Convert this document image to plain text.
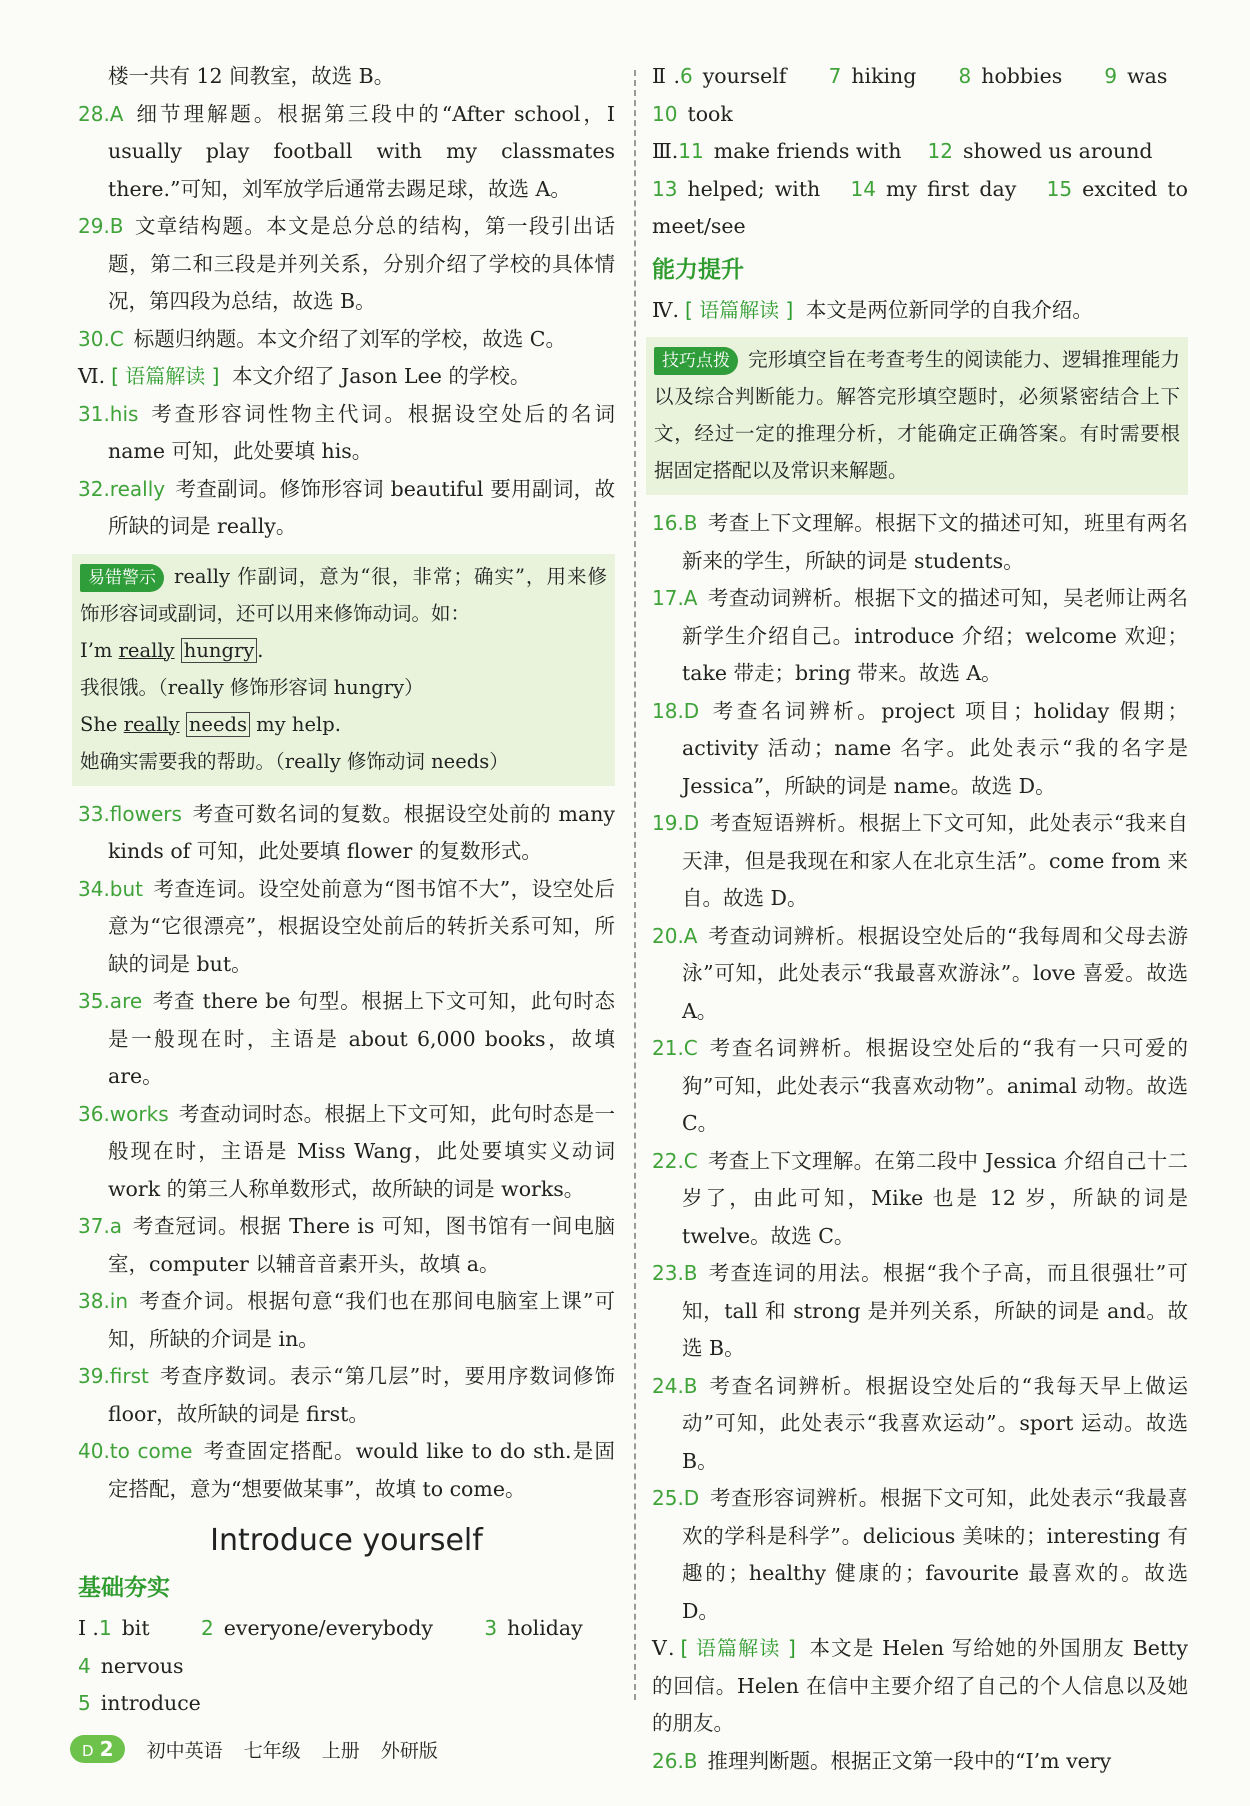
楼一共有 12 间教室，故选 B。

28.A 细节理解题。根据第三段中的“After school，I usually play football with my classmates there.”可知，刘军放学后通常去踢足球，故选 A。

29.B 文章结构题。本文是总分总的结构，第一段引出话题，第二和三段是并列关系，分别介绍了学校的具体情况，第四段为总结，故选 B。

30.C 标题归纳题。本文介绍了刘军的学校，故选 C。

Ⅵ. [ 语篇解读 ] 本文介绍了 Jason Lee 的学校。

31.his 考查形容词性物主代词。根据设空处后的名词 name 可知，此处要填 his。

32.really 考查副词。修饰形容词 beautiful 要用副词，故所缺的词是 really。

易错警示 really 作副词，意为“很，非常；确实”，用来修饰形容词或副词，还可以用来修饰动词。如：

I’m really hungry .

我很饿。（really 修饰形容词 hungry）

She really needs my help.

她确实需要我的帮助。（really 修饰动词 needs）

33.flowers 考查可数名词的复数。根据设空处前的 many kinds of 可知，此处要填 flower 的复数形式。

34.but 考查连词。设空处前意为“图书馆不大”，设空处后意为“它很漂亮”，根据设空处前后的转折关系可知，所缺的词是 but。

35.are 考查 there be 句型。根据上下文可知，此句时态是一般现在时，主语是 about 6,000 books，故填 are。

36.works 考查动词时态。根据上下文可知，此句时态是一般现在时，主语是 Miss Wang，此处要填实义动词 work 的第三人称单数形式，故所缺的词是 works。

37.a 考查冠词。根据 There is 可知，图书馆有一间电脑室，computer 以辅音音素开头，故填 a。

38.in 考查介词。根据句意“我们也在那间电脑室上课”可知，所缺的介词是 in。

39.first 考查序数词。表示“第几层”时，要用序数词修饰 floor，故所缺的词是 first。

40.to come 考查固定搭配。would like to do sth.是固定搭配，意为“想要做某事”，故填 to come。

Introduce yourself
基础夯实

Ⅰ.1 bit	2 everyone/everybody	3 holiday    4 nervous
5 introduce

Ⅱ.6 yourself 7 hiking 8 hobbies 9 was   10 took

Ⅲ.11 make friends with 12 showed us around
13 helped; with 14 my first day 15 excited to meet/see

能力提升

Ⅳ. [ 语篇解读 ] 本文是两位新同学的自我介绍。

技巧点拨 完形填空旨在考查考生的阅读能力、逻辑推理能力以及综合判断能力。解答完形填空题时，必须紧密结合上下文，经过一定的推理分析，才能确定正确答案。有时需要根据固定搭配以及常识来解题。

16.B 考查上下文理解。根据下文的描述可知，班里有两名新来的学生，所缺的词是 students。

17.A 考查动词辨析。根据下文的描述可知，吴老师让两名新学生介绍自己。introduce 介绍；welcome 欢迎；take 带走；bring 带来。故选 A。

18.D 考查名词辨析。project 项目；holiday 假期；activity 活动；name 名字。此处表示“我的名字是 Jessica”，所缺的词是 name。故选 D。

19.D 考查短语辨析。根据上下文可知，此处表示“我来自天津，但是我现在和家人在北京生活”。come from 来自。故选 D。

20.A 考查动词辨析。根据设空处后的“我每周和父母去游泳”可知，此处表示“我最喜欢游泳”。love 喜爱。故选 A。

21.C 考查名词辨析。根据设空处后的“我有一只可爱的狗”可知，此处表示“我喜欢动物”。animal 动物。故选 C。

22.C 考查上下文理解。在第二段中 Jessica 介绍自己十二岁了，由此可知，Mike 也是 12 岁，所缺的词是 twelve。故选 C。

23.B 考查连词的用法。根据“我个子高，而且很强壮”可知，tall 和 strong 是并列关系，所缺的词是 and。故选 B。

24.B 考查名词辨析。根据设空处后的“我每天早上做运动”可知，此处表示“我喜欢运动”。sport 运动。故选 B。

25.D 考查形容词辨析。根据下文可知，此处表示“我最喜欢的学科是科学”。delicious 美味的；interesting 有趣的；healthy 健康的；favourite 最喜欢的。故选 D。

Ⅴ. [ 语篇解读 ] 本文是 Helen 写给她的外国朋友 Betty 的回信。Helen 在信中主要介绍了自己的个人信息以及她的朋友。

26.B 推理判断题。根据正文第一段中的“I’m very

D 2 初中英语 七年级 上册 外研版
